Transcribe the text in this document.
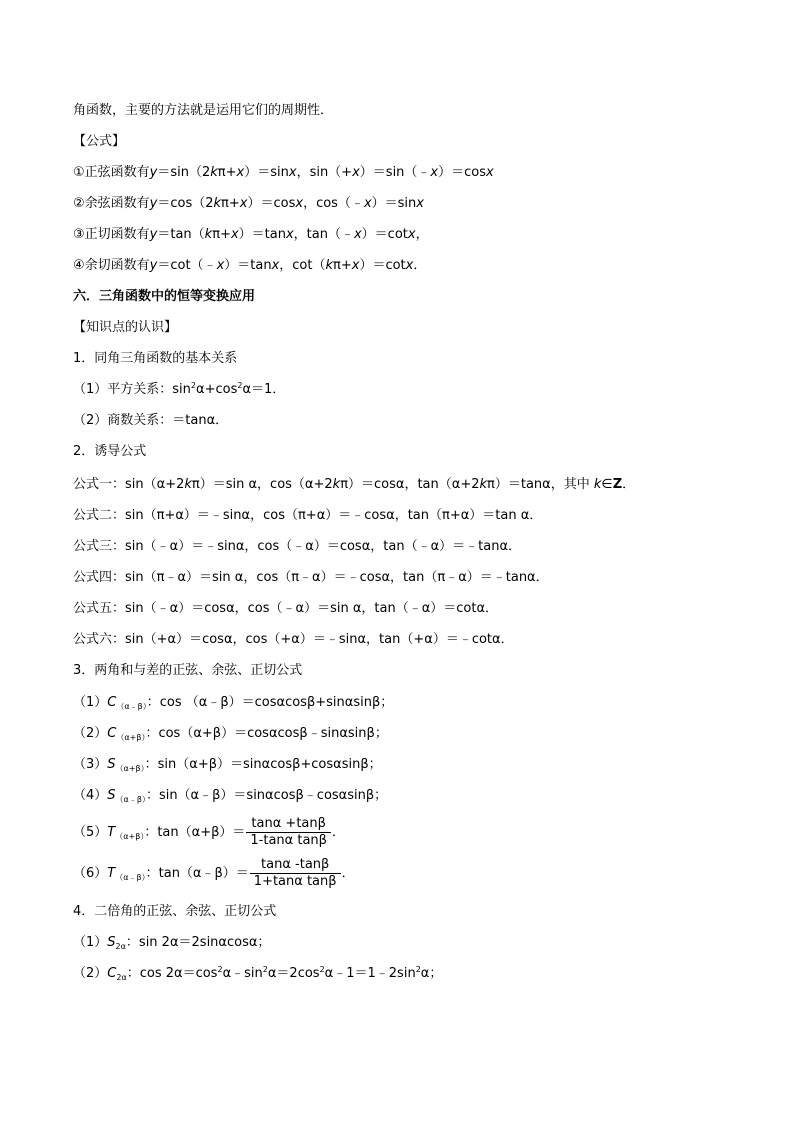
角函数，主要的方法就是运用它们的周期性．
【公式】
①正弦函数有y＝sin（2kπ+x）＝sinx，sin（+x）＝sin（﹣x）＝cosx
②余弦函数有y＝cos（2kπ+x）＝cosx，cos（﹣x）＝sinx
③正切函数有y＝tan（kπ+x）＝tanx，tan（﹣x）＝cotx，
④余切函数有y＝cot（﹣x）＝tanx，cot（kπ+x）＝cotx．
六．三角函数中的恒等变换应用
【知识点的认识】
1．同角三角函数的基本关系
（1）平方关系：$\sin^2\alpha+\cos^2\alpha=1$．
（2）商数关系：＝tanα．
2．诱导公式
公式一：sin（α+2kπ）＝sin α，cos（α+2kπ）＝cosα，tan（α+2kπ）＝tanα，其中 k∈Z．
公式二：sin（π+α）＝﹣sinα，cos（π+α）＝﹣cosα，tan（π+α）＝tan α．
公式三：sin（﹣α）＝﹣sinα，cos（﹣α）＝cosα，tan（﹣α）＝﹣tanα．
公式四：sin（π﹣α）＝sin α，cos（π﹣α）＝﹣cosα，tan（π﹣α）＝﹣tanα．
公式五：sin（﹣α）＝cosα，cos（﹣α）＝sin α，tan（﹣α）＝cotα．
公式六：sin（+α）＝cosα，cos（+α）＝﹣sinα，tan（+α）＝﹣cotα．
3．两角和与差的正弦、余弦、正切公式
$(1)C_{(\alpha﹣\beta)}$：cos （α﹣β）＝cosαcosβ+sinαsinβ；
$(2)C_{(\alpha+\beta)}$：cos（α+β）＝cosαcosβ﹣sinαsinβ；
$(3)S_{(\alpha+\beta)}$：sin（α+β）＝sinαcosβ+cosαsinβ；
$(4)S_{(\alpha﹣\beta)}$：sin（α﹣β）＝sinαcosβ﹣cosαsinβ；
$(5)T_{(\alpha+\beta)}$：$\tan(\alpha+\beta)= \frac{\tan\alpha +\tan\beta}{\text{1-tanα tanβ}}$ ．
$(6)T_{(\alpha﹣\beta)}$：tan（α﹣β）＝ $\frac{\tan\alpha -\tan\beta}{\text{1+tanα tanβ}}$ ．
4．二倍角的正弦、余弦、正切公式
$(1)S_{2\alpha}$：sin 2α＝2sinαcosα；
$(2)C_{2\alpha}$：$\cos 2\alpha=\cos^2\alpha﹣\sin^2\alpha=2\cos^2\alpha﹣1=1﹣2\sin^2\alpha$；
